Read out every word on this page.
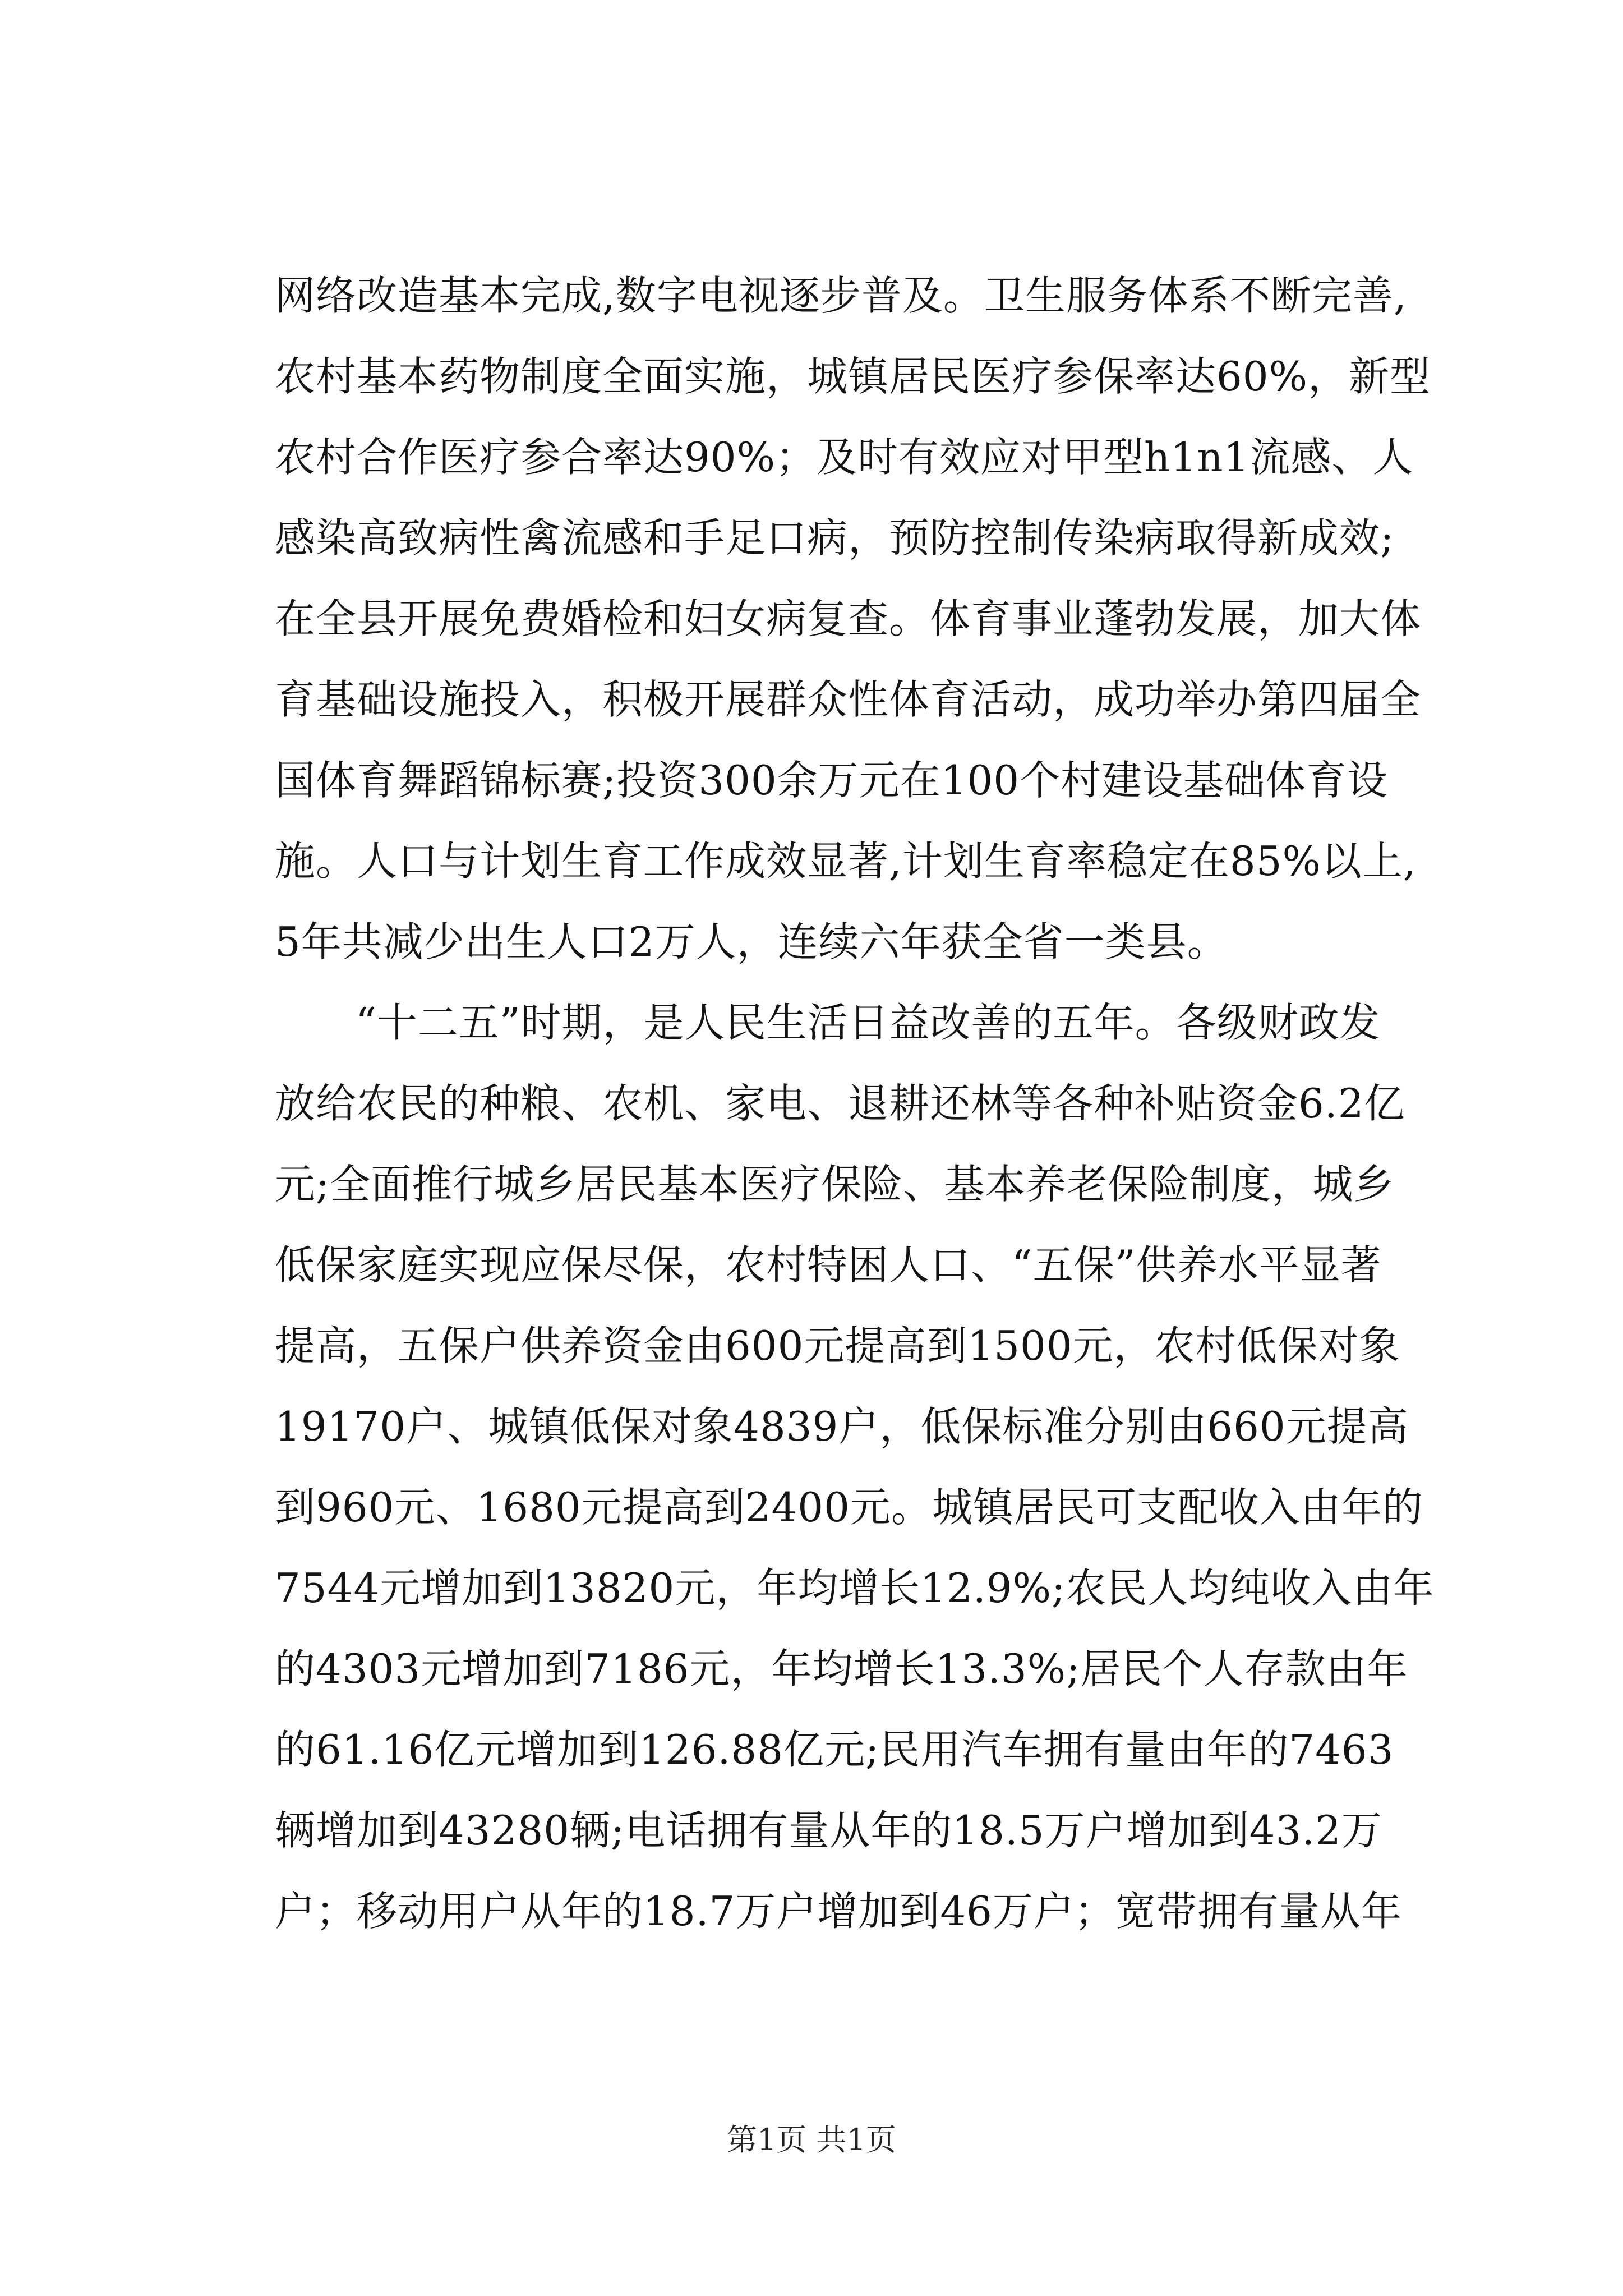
网络改造基本完成,数字电视逐步普及。卫生服务体系不断完善,
农村基本药物制度全面实施，城镇居民医疗参保率达60%，新型
农村合作医疗参合率达90%；及时有效应对甲型h1n1流感、人
感染高致病性禽流感和手足口病，预防控制传染病取得新成效;
在全县开展免费婚检和妇女病复查。体育事业蓬勃发展，加大体
育基础设施投入，积极开展群众性体育活动，成功举办第四届全
国体育舞蹈锦标赛;投资300余万元在100个村建设基础体育设
施。人口与计划生育工作成效显著,计划生育率稳定在85%以上,
5年共减少出生人口2万人，连续六年获全省一类县。
“十二五”时期，是人民生活日益改善的五年。各级财政发
放给农民的种粮、农机、家电、退耕还林等各种补贴资金6.2亿
元;全面推行城乡居民基本医疗保险、基本养老保险制度，城乡
低保家庭实现应保尽保，农村特困人口、“五保”供养水平显著
提高，五保户供养资金由600元提高到1500元，农村低保对象
19170户、城镇低保对象4839户，低保标准分别由660元提高
到960元、1680元提高到2400元。城镇居民可支配收入由年的
7544元增加到13820元，年均增长12.9%;农民人均纯收入由年
的4303元增加到7186元，年均增长13.3%;居民个人存款由年
的61.16亿元增加到126.88亿元;民用汽车拥有量由年的7463
辆增加到43280辆;电话拥有量从年的18.5万户增加到43.2万
户；移动用户从年的18.7万户增加到46万户；宽带拥有量从年
第1页 共1页
